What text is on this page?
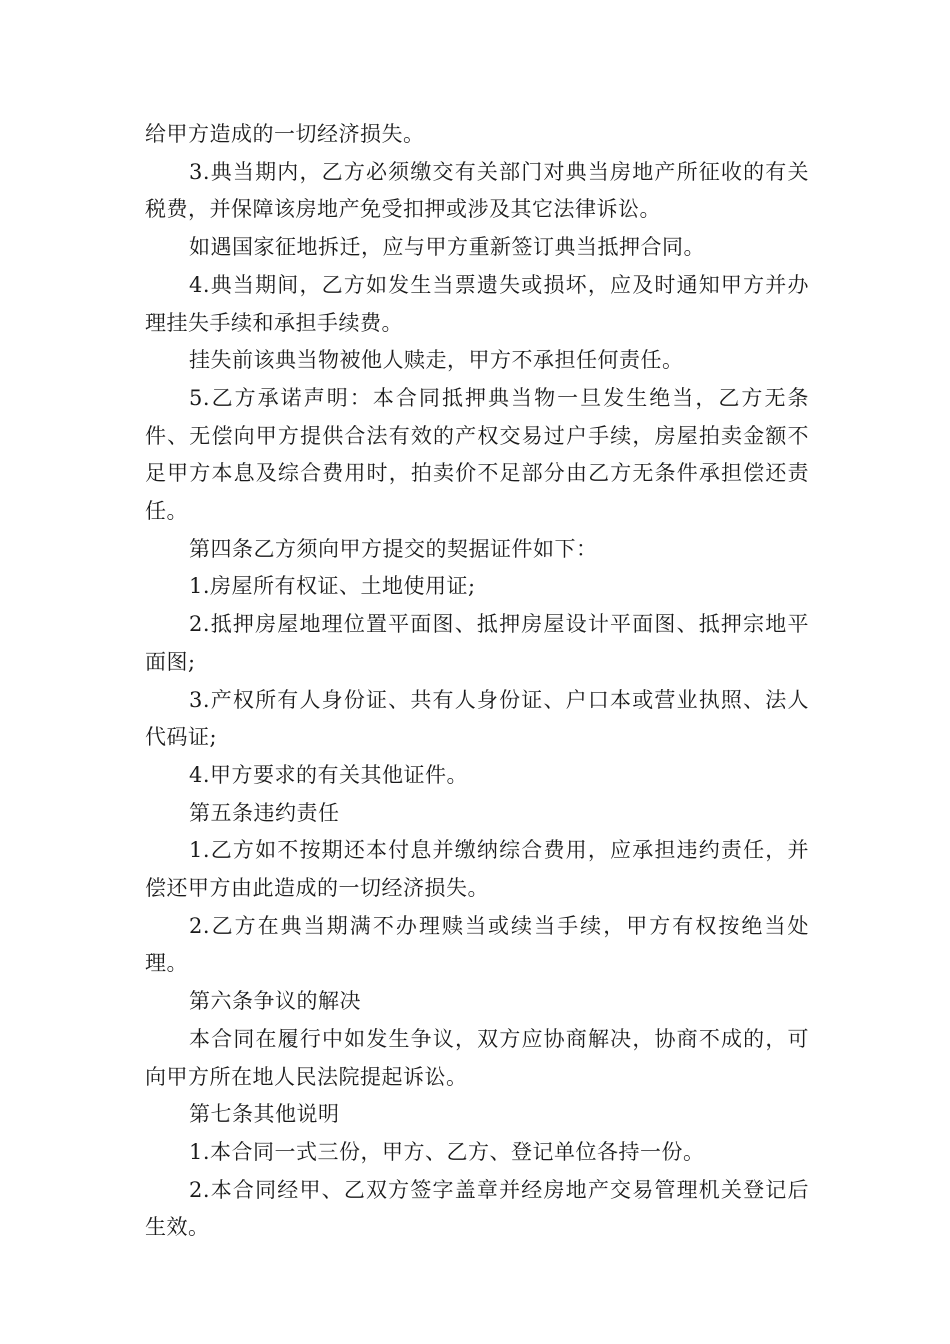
给甲方造成的一切经济损失。

3.典当期内，乙方必须缴交有关部门对典当房地产所征收的有关税费，并保障该房地产免受扣押或涉及其它法律诉讼。

如遇国家征地拆迁，应与甲方重新签订典当抵押合同。

4.典当期间，乙方如发生当票遗失或损坏，应及时通知甲方并办理挂失手续和承担手续费。

挂失前该典当物被他人赎走，甲方不承担任何责任。

5.乙方承诺声明：本合同抵押典当物一旦发生绝当，乙方无条件、无偿向甲方提供合法有效的产权交易过户手续，房屋拍卖金额不足甲方本息及综合费用时，拍卖价不足部分由乙方无条件承担偿还责任。

第四条乙方须向甲方提交的契据证件如下：

1.房屋所有权证、土地使用证;

2.抵押房屋地理位置平面图、抵押房屋设计平面图、抵押宗地平面图;

3.产权所有人身份证、共有人身份证、户口本或营业执照、法人代码证;

4.甲方要求的有关其他证件。

第五条违约责任

1.乙方如不按期还本付息并缴纳综合费用，应承担违约责任，并偿还甲方由此造成的一切经济损失。

2.乙方在典当期满不办理赎当或续当手续，甲方有权按绝当处理。

第六条争议的解决

本合同在履行中如发生争议，双方应协商解决，协商不成的，可向甲方所在地人民法院提起诉讼。

第七条其他说明

1.本合同一式三份，甲方、乙方、登记单位各持一份。

2.本合同经甲、乙双方签字盖章并经房地产交易管理机关登记后生效。
